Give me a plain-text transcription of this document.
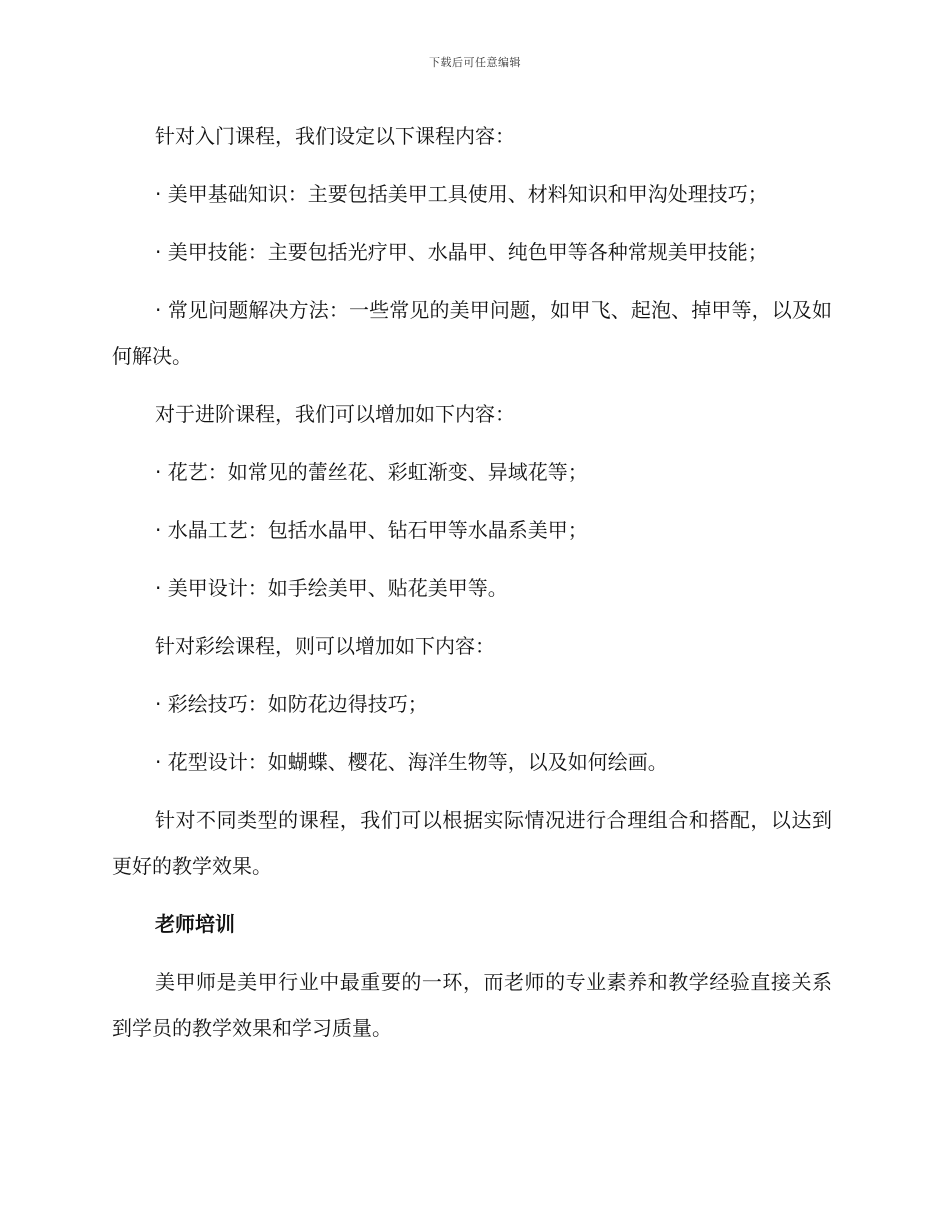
下载后可任意编辑

针对入门课程，我们设定以下课程内容：

· 美甲基础知识：主要包括美甲工具使用、材料知识和甲沟处理技巧；

· 美甲技能：主要包括光疗甲、水晶甲、纯色甲等各种常规美甲技能；

· 常见问题解决方法：一些常见的美甲问题，如甲飞、起泡、掉甲等，以及如何解决。

对于进阶课程，我们可以增加如下内容：

· 花艺：如常见的蕾丝花、彩虹渐变、异域花等；

· 水晶工艺：包括水晶甲、钻石甲等水晶系美甲；

· 美甲设计：如手绘美甲、贴花美甲等。

针对彩绘课程，则可以增加如下内容：

· 彩绘技巧：如防花边得技巧；

· 花型设计：如蝴蝶、樱花、海洋生物等，以及如何绘画。

针对不同类型的课程，我们可以根据实际情况进行合理组合和搭配，以达到更好的教学效果。

老师培训

美甲师是美甲行业中最重要的一环，而老师的专业素养和教学经验直接关系到学员的教学效果和学习质量。
